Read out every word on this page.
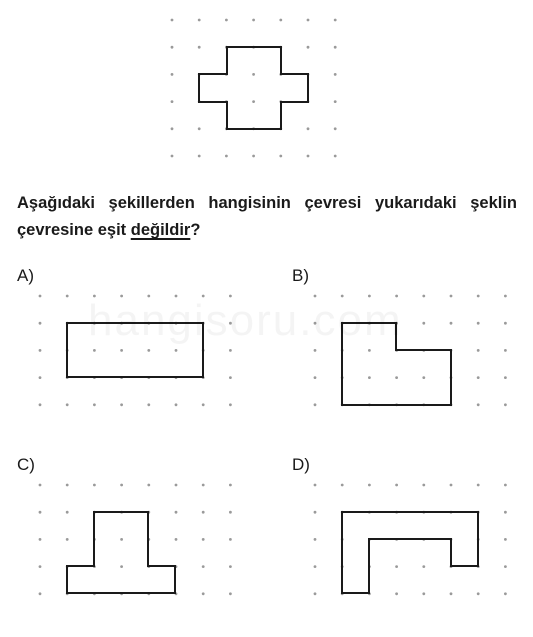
Aşağıdaki şekillerden hangisinin çevresi yukarıdaki şeklin çevresine eşit değildir?

A)	B)
C)	D)
